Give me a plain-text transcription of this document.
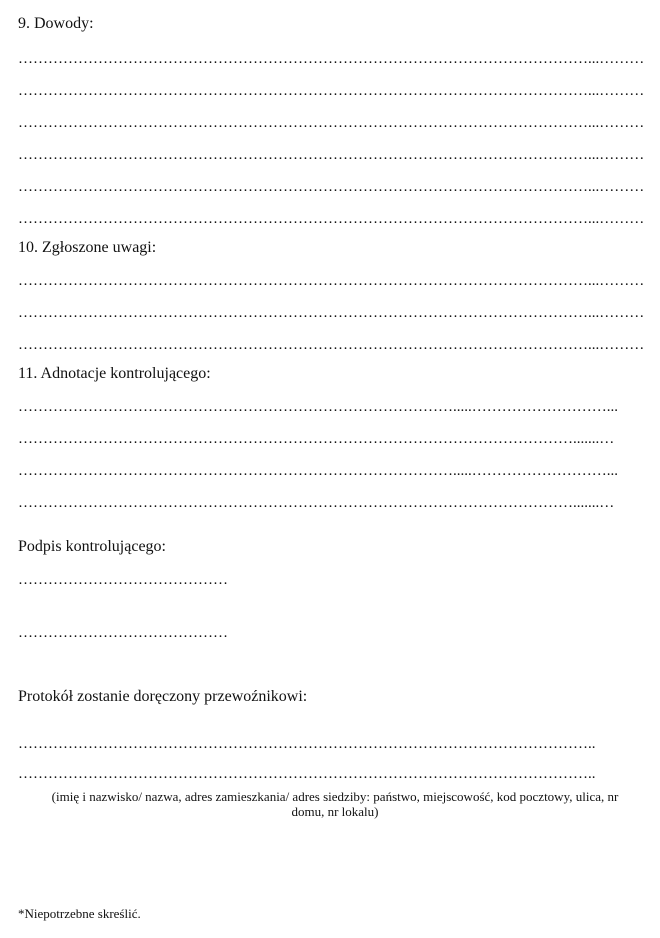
9. Dowody:
……………………………………………………………………………………………………...………
……………………………………………………………………………………………………...………
……………………………………………………………………………………………………...………
……………………………………………………………………………………………………...………
……………………………………………………………………………………………………...………
……………………………………………………………………………………………………...………
10. Zgłoszone uwagi:
……………………………………………………………………………………………………...………
……………………………………………………………………………………………………...………
……………………………………………………………………………………………………...………
11. Adnotacje kontrolującego:
…………………………………………………………………………….....………………………...
………………………………………………………………………………………………….......…
…………………………………………………………………………….....………………………...
………………………………………………………………………………………………….......…
Podpis kontrolującego:
……………………………………
……………………………………
Protokół zostanie doręczony przewoźnikowi:
……………………………………………………………………………………………………..
……………………………………………………………………………………………………..
(imię i nazwisko/ nazwa, adres zamieszkania/ adres siedziby: państwo, miejscowość, kod pocztowy, ulica, nr domu, nr lokalu)
*Niepotrzebne skreślić.
